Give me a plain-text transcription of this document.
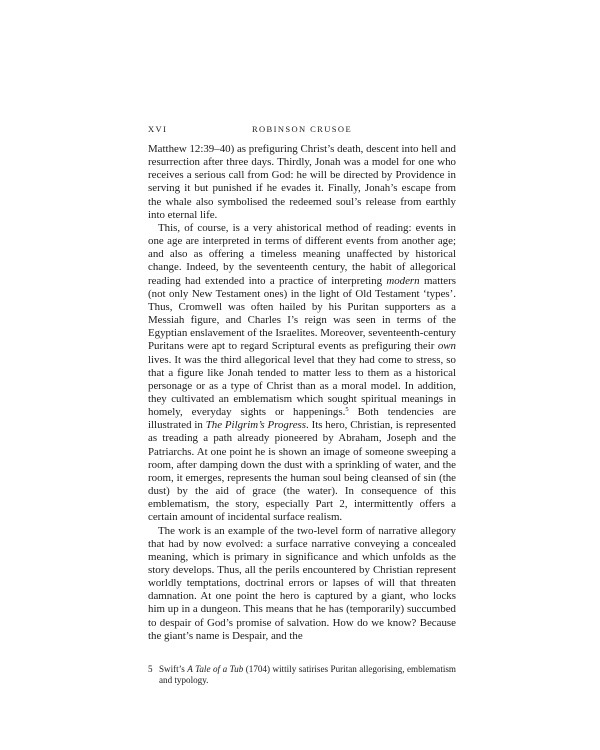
XVI	ROBINSON CRUSOE

Matthew 12:39–40) as prefiguring Christ’s death, descent into hell and resurrection after three days. Thirdly, Jonah was a model for one who receives a serious call from God: he will be directed by Providence in serving it but punished if he evades it. Finally, Jonah’s escape from the whale also symbolised the redeemed soul’s release from earthly into eternal life.

This, of course, is a very ahistorical method of reading: events in one age are interpreted in terms of different events from another age; and also as offering a timeless meaning unaffected by historical change. Indeed, by the seventeenth century, the habit of allegorical reading had extended into a practice of interpreting modern matters (not only New Testament ones) in the light of Old Testament ‘types’. Thus, Cromwell was often hailed by his Puritan supporters as a Messiah figure, and Charles I’s reign was seen in terms of the Egyptian enslavement of the Israelites. Moreover, seventeenth-century Puritans were apt to regard Scriptural events as prefiguring their own lives. It was the third allegorical level that they had come to stress, so that a figure like Jonah tended to matter less to them as a historical personage or as a type of Christ than as a moral model. In addition, they cultivated an emblematism which sought spiritual meanings in homely, everyday sights or happenings.$^5$ Both tendencies are illustrated in The Pilgrim’s Progress. Its hero, Christian, is represented as treading a path already pioneered by Abraham, Joseph and the Patriarchs. At one point he is shown an image of someone sweeping a room, after damping down the dust with a sprinkling of water, and the room, it emerges, represents the human soul being cleansed of sin (the dust) by the aid of grace (the water). In consequence of this emblematism, the story, especially Part 2, intermittently offers a certain amount of incidental surface realism.

The work is an example of the two-level form of narrative allegory that had by now evolved: a surface narrative conveying a concealed meaning, which is primary in significance and which unfolds as the story develops. Thus, all the perils encountered by Christian represent worldly temptations, doctrinal errors or lapses of will that threaten damnation. At one point the hero is captured by a giant, who locks him up in a dungeon. This means that he has (temporarily) succumbed to despair of God’s promise of salvation. How do we know? Because the giant’s name is Despair, and the

5 Swift’s A Tale of a Tub (1704) wittily satirises Puritan allegorising, emblematism and typology.
